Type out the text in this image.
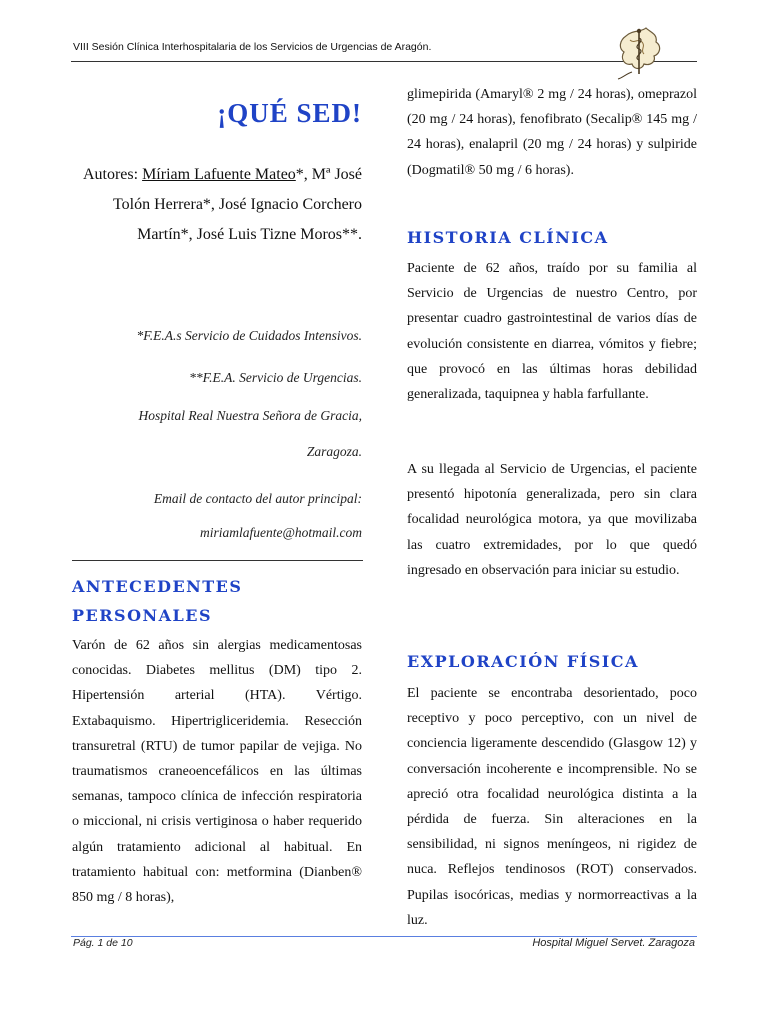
VIII Sesión Clínica Interhospitalaria de los Servicios de Urgencias de Aragón.
¡QUÉ SED!
Autores: Míriam Lafuente Mateo*, Mª José Tolón Herrera*, José Ignacio Corchero Martín*, José Luis Tizne Moros**.
*F.E.A.s Servicio de Cuidados Intensivos.
**F.E.A. Servicio de Urgencias.
Hospital Real Nuestra Señora de Gracia,
Zaragoza.
Email de contacto del autor principal:
miriamlafuente@hotmail.com
ANTECEDENTES PERSONALES
Varón de 62 años sin alergias medicamentosas conocidas. Diabetes mellitus (DM) tipo 2. Hipertensión arterial (HTA). Vértigo. Extabaquismo. Hipertrigliceridemia. Resección transuretral (RTU) de tumor papilar de vejiga. No traumatismos craneoencefálicos en las últimas semanas, tampoco clínica de infección respiratoria o miccional, ni crisis vertiginosa o haber requerido algún tratamiento adicional al habitual. En tratamiento habitual con: metformina (Dianben® 850 mg / 8 horas),
glimepirida (Amaryl® 2 mg / 24 horas), omeprazol (20 mg / 24 horas), fenofibrato (Secalip® 145 mg / 24 horas), enalapril (20 mg / 24 horas) y sulpiride (Dogmatil® 50 mg / 6 horas).
HISTORIA CLÍNICA
Paciente de 62 años, traído por su familia al Servicio de Urgencias de nuestro Centro, por presentar cuadro gastrointestinal de varios días de evolución consistente en diarrea, vómitos y fiebre; que provocó en las últimas horas debilidad generalizada, taquipnea y habla farfullante.
A su llegada al Servicio de Urgencias, el paciente presentó hipotonía generalizada, pero sin clara focalidad neurológica motora, ya que movilizaba las cuatro extremidades, por lo que quedó ingresado en observación para iniciar su estudio.
EXPLORACIÓN FÍSICA
El paciente se encontraba desorientado, poco receptivo y poco perceptivo, con un nivel de conciencia ligeramente descendido (Glasgow 12) y conversación incoherente e incomprensible. No se apreció otra focalidad neurológica distinta a la pérdida de fuerza. Sin alteraciones en la sensibilidad, ni signos meníngeos, ni rigidez de nuca. Reflejos tendinosos (ROT) conservados. Pupilas isocóricas, medias y normorreactivas a la luz.
Pág. 1 de 10	Hospital Miguel Servet. Zaragoza
